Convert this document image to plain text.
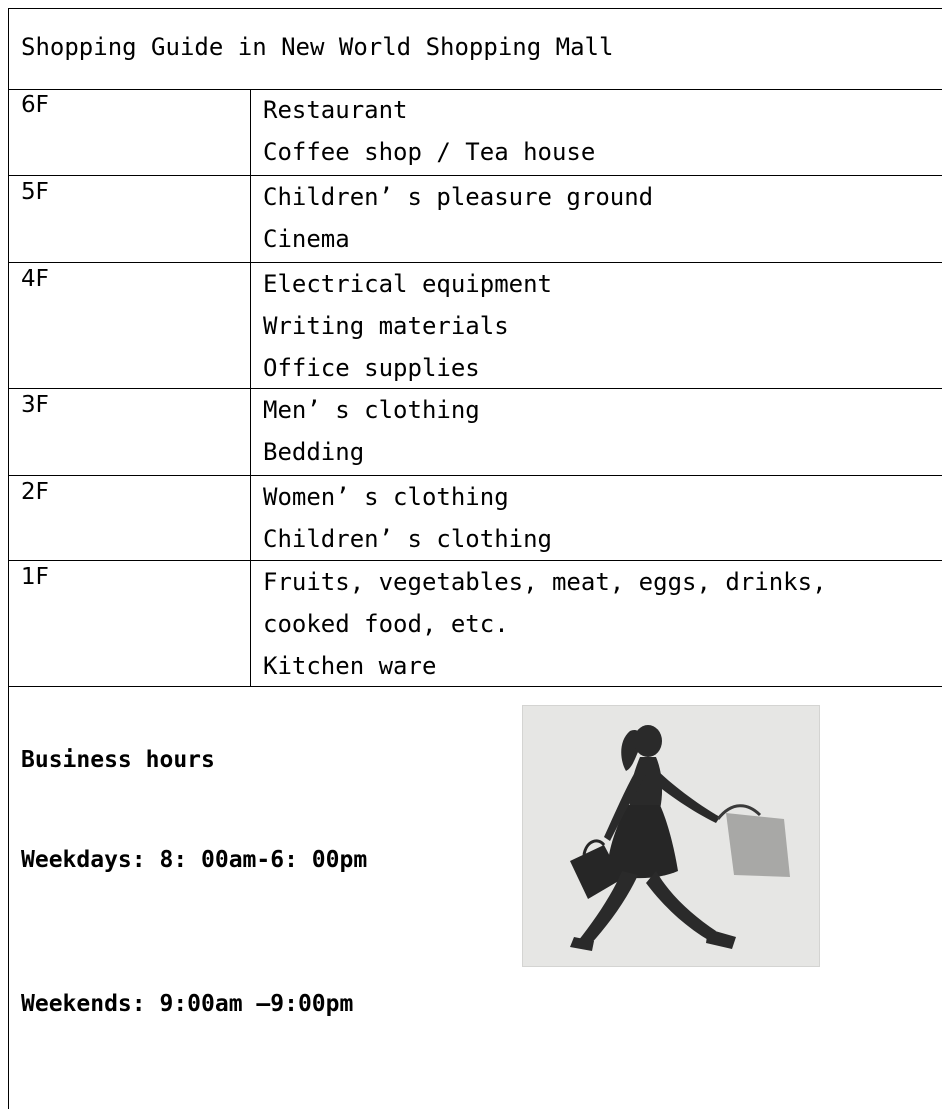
Shopping Guide in New World Shopping Mall
6F	Restaurant
Coffee shop / Tea house
5F	Children’ s pleasure ground
Cinema
4F	Electrical equipment
Writing materials
Office supplies
3F	Men’ s clothing
Bedding
2F	Women’ s clothing
Children’ s clothing
1F	Fruits, vegetables, meat, eggs, drinks,
cooked food, etc.
Kitchen ware
Business hours
Weekdays: 8: 00am-6: 00pm
Weekends: 9:00am —9:00pm
